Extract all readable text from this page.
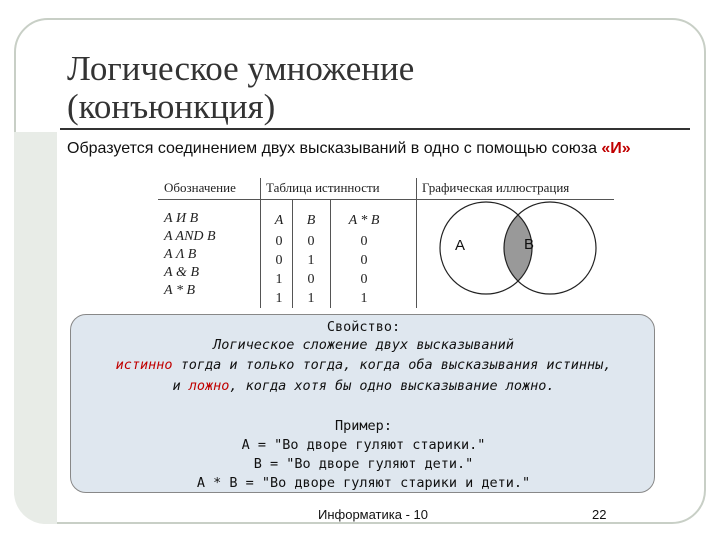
Логическое умножение
(конъюнкция)
Образуется соединением двух высказываний в одно с помощью союза «И»
Обозначение Таблица истинности	Графическая иллюстрация
А И В
A AND B
А Λ В
А & В
А * В
A	B	A * B
0	0	0
0	1	0
1	0	0
1	1	1
А	В
Свойство:
Логическое сложение двух высказываний
истинно тогда и только тогда, когда оба высказывания истинны,
и ложно, когда хотя бы одно высказывание ложно.
Пример:
А = "Во дворе гуляют старики."
В = "Во дворе гуляют дети."
А * В = "Во дворе гуляют старики и дети."
Информатика - 10	22
